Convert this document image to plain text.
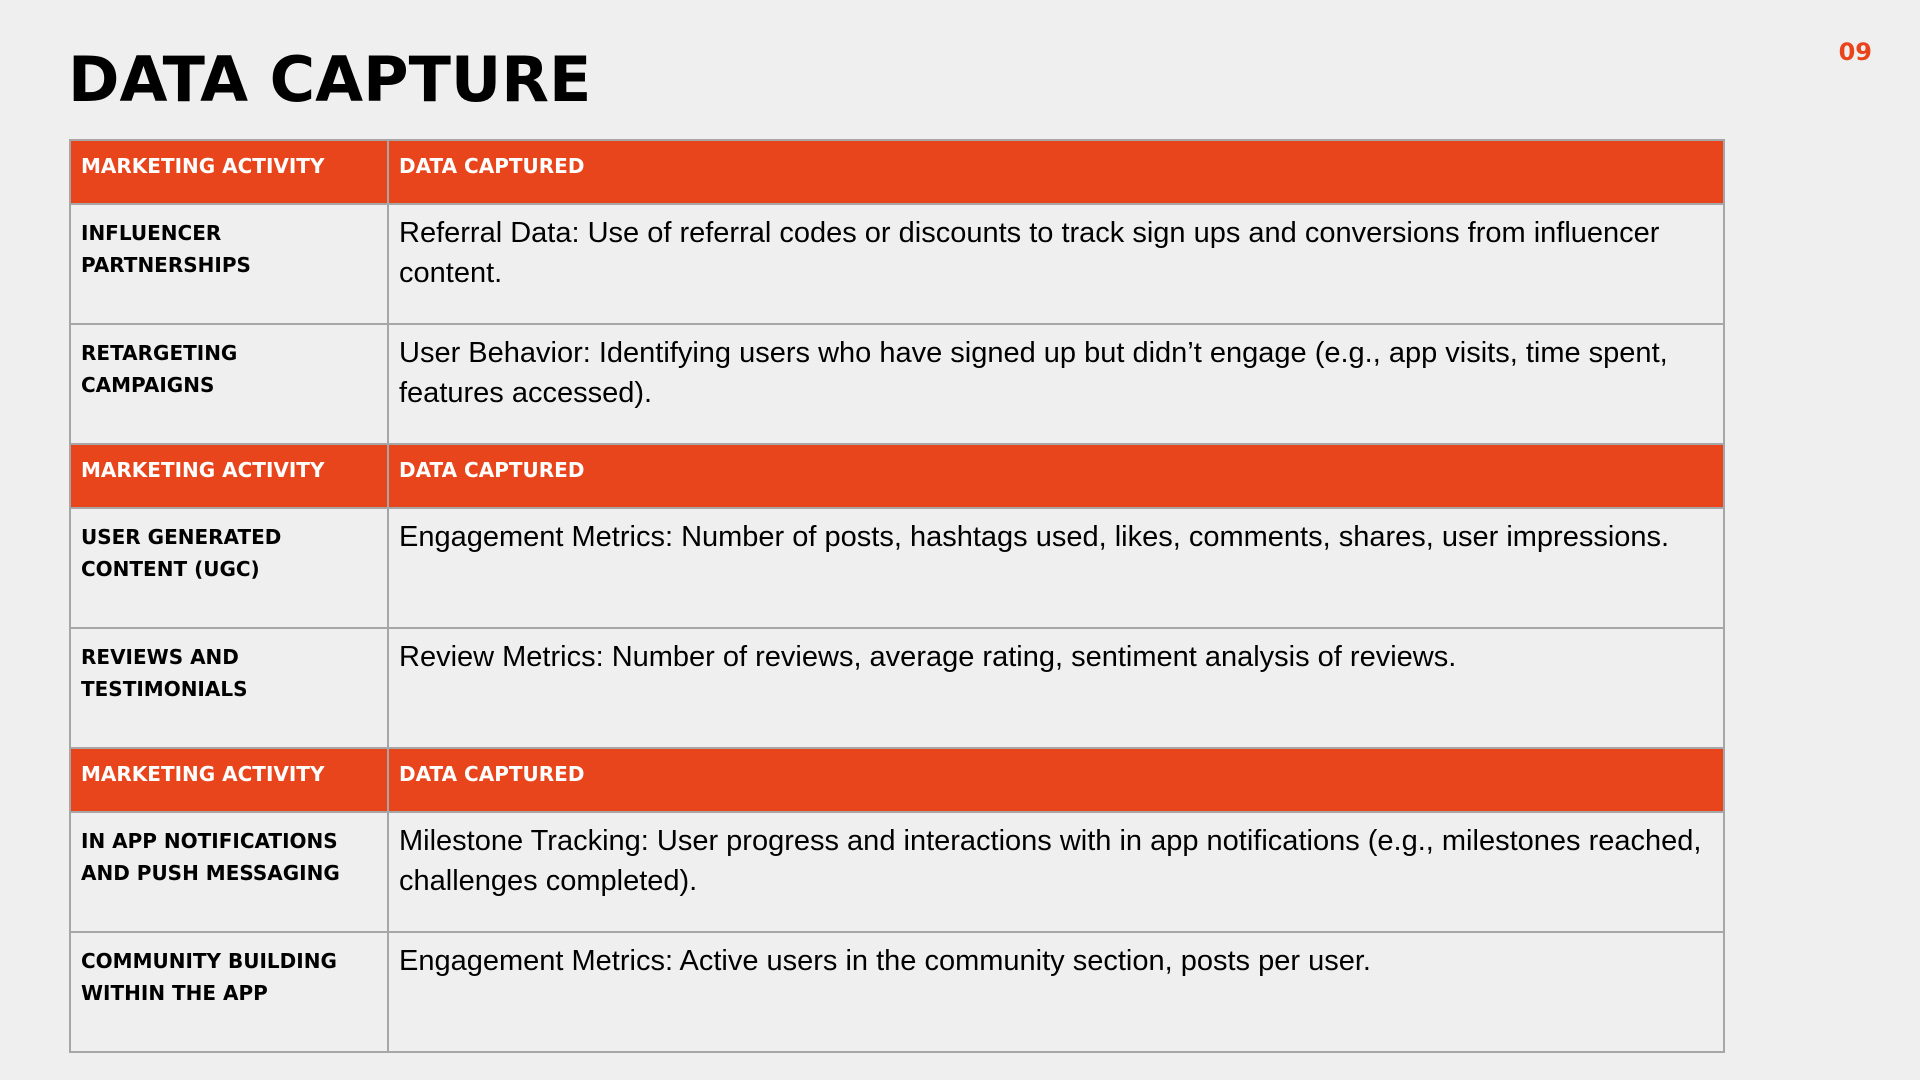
DATA CAPTURE	09
MARKETING ACTIVITY	DATA CAPTURED

INFLUENCER PARTNERSHIPS	Referral Data: Use of referral codes or discounts to track sign ups and conversions from influencer content.

RETARGETING CAMPAIGNS	User Behavior: Identifying users who have signed up but didn’t engage (e.g., app visits, time spent, features accessed).

MARKETING ACTIVITY	DATA CAPTURED

USER GENERATED CONTENT (UGC)	Engagement Metrics: Number of posts, hashtags used, likes, comments, shares, user impressions.

REVIEWS AND TESTIMONIALS	Review Metrics: Number of reviews, average rating, sentiment analysis of reviews.

MARKETING ACTIVITY	DATA CAPTURED

IN APP NOTIFICATIONS AND PUSH MESSAGING	Milestone Tracking: User progress and interactions with in app notifications (e.g., milestones reached, challenges completed).

COMMUNITY BUILDING WITHIN THE APP	Engagement Metrics: Active users in the community section, posts per user.
